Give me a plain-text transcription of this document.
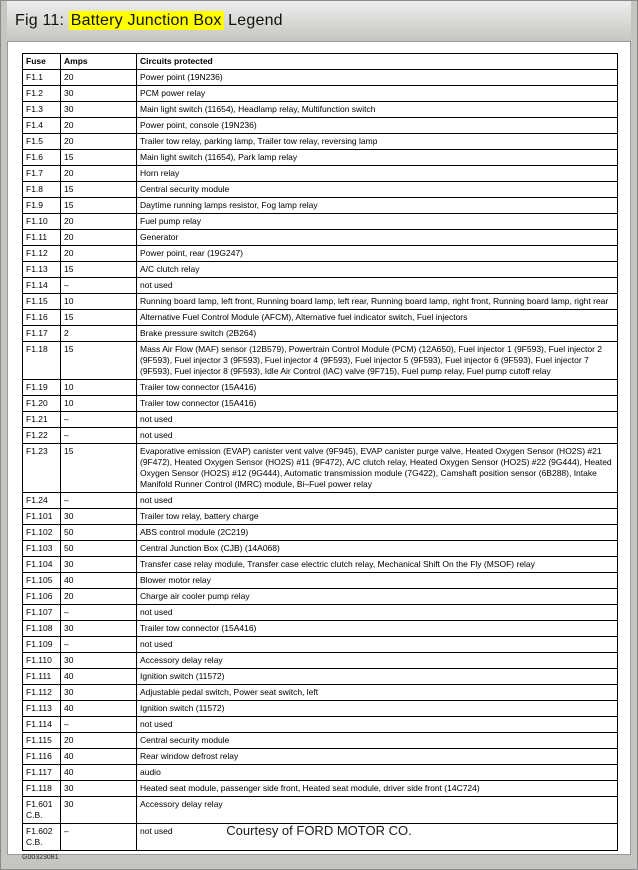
Fig 11: Battery Junction Box Legend
Fuse	Amps	Circuits protected
F1.1	20	Power point (19N236)
F1.2	30	PCM power relay
F1.3	30	Main light switch (11654), Headlamp relay, Multifunction switch
F1.4	20	Power point, console (19N236)
F1.5	20	Trailer tow relay, parking lamp, Trailer tow relay, reversing lamp
F1.6	15	Main light switch (11654), Park lamp relay
F1.7	20	Horn relay
F1.8	15	Central security module
F1.9	15	Daytime running lamps resistor, Fog lamp relay
F1.10	20	Fuel pump relay
F1.11	20	Generator
F1.12	20	Power point, rear (19G247)
F1.13	15	A/C clutch relay
F1.14	–	not used
F1.15	10	Running board lamp, left front, Running board lamp, left rear, Running board lamp, right front, Running board lamp, right rear
F1.16	15	Alternative Fuel Control Module (AFCM), Alternative fuel indicator switch, Fuel injectors
F1.17	2	Brake pressure switch (2B264)
F1.18	15	Mass Air Flow (MAF) sensor (12B579), Powertrain Control Module (PCM) (12A650), Fuel injector 1 (9F593), Fuel injector 2 (9F593), Fuel injector 3 (9F593), Fuel injector 4 (9F593), Fuel injector 5 (9F593), Fuel injector 6 (9F593), Fuel injector 7 (9F593), Fuel injector 8 (9F593), Idle Air Control (IAC) valve (9F715), Fuel pump relay, Fuel pump cutoff relay
F1.19	10	Trailer tow connector (15A416)
F1.20	10	Trailer tow connector (15A416)
F1.21	–	not used
F1.22	–	not used
F1.23	15	Evaporative emission (EVAP) canister vent valve (9F945), EVAP canister purge valve, Heated Oxygen Sensor (HO2S) #21 (9F472), Heated Oxygen Sensor (HO2S) #11 (9F472), A/C clutch relay, Heated Oxygen Sensor (HO2S) #22 (9G444), Heated Oxygen Sensor (HO2S) #12 (9G444), Automatic transmission module (7G422), Camshaft position sensor (6B288), Intake Manifold Runner Control (IMRC) module, Bi–Fuel power relay
F1.24	–	not used
F1.101	30	Trailer tow relay, battery charge
F1.102	50	ABS control module (2C219)
F1.103	50	Central Junction Box (CJB) (14A068)
F1.104	30	Transfer case relay module, Transfer case electric clutch relay, Mechanical Shift On the Fly (MSOF) relay
F1.105	40	Blower motor relay
F1.106	20	Charge air cooler pump relay
F1.107	–	not used
F1.108	30	Trailer tow connector (15A416)
F1.109	–	not used
F1.110	30	Accessory delay relay
F1.111	40	Ignition switch (11572)
F1.112	30	Adjustable pedal switch, Power seat switch, left
F1.113	40	Ignition switch (11572)
F1.114	–	not used
F1.115	20	Central security module
F1.116	40	Rear window defrost relay
F1.117	40	audio
F1.118	30	Heated seat module, passenger side front, Heated seat module, driver side front (14C724)
F1.601 C.B.	30	Accessory delay relay
F1.602 C.B.	–	not used
G00323081
Courtesy of FORD MOTOR CO.
